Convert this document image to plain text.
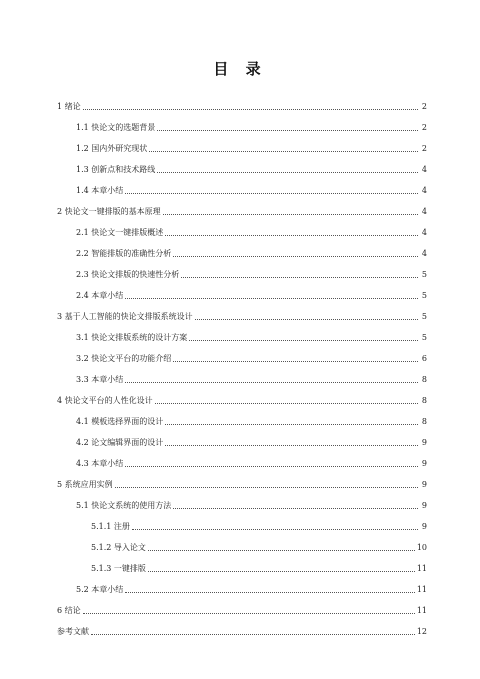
目 录
1 绪论	2
1.1 快论文的选题背景	2
1.2 国内外研究现状	2
1.3 创新点和技术路线	4
1.4 本章小结	4
2 快论文一键排版的基本原理	4
2.1 快论文一键排版概述	4
2.2 智能排版的准确性分析	4
2.3 快论文排版的快速性分析	5
2.4 本章小结	5
3 基于人工智能的快论文排版系统设计	5
3.1 快论文排版系统的设计方案	5
3.2 快论文平台的功能介绍	6
3.3 本章小结	8
4 快论文平台的人性化设计	8
4.1 模板选择界面的设计	8
4.2 论文编辑界面的设计	9
4.3 本章小结	9
5 系统应用实例	9
5.1 快论文系统的使用方法	9
5.1.1 注册	9
5.1.2 导入论文	10
5.1.3 一键排版	11
5.2 本章小结	11
6 结论	11
参考文献	12
